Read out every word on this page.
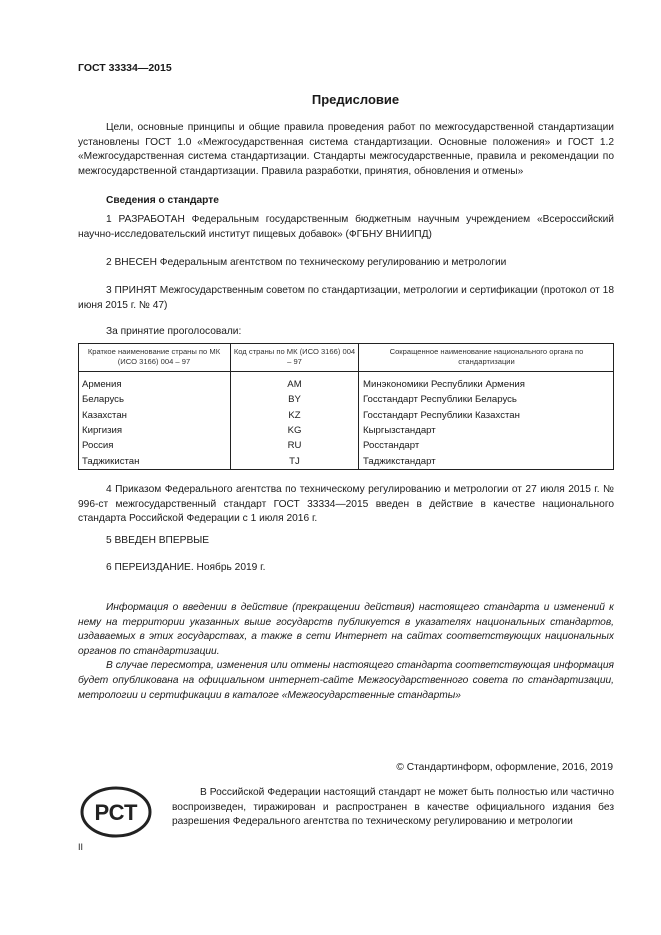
ГОСТ 33334—2015
Предисловие

Цели, основные принципы и общие правила проведения работ по межгосударственной стандартизации установлены ГОСТ 1.0 «Межгосударственная система стандартизации. Основные положения» и ГОСТ 1.2 «Межгосударственная система стандартизации. Стандарты межгосударственные, правила и рекомендации по межгосударственной стандартизации. Правила разработки, принятия, обновления и отмены»

Сведения о стандарте

1 РАЗРАБОТАН Федеральным государственным бюджетным научным учреждением «Всероссийский научно-исследовательский институт пищевых добавок» (ФГБНУ ВНИИПД)

2 ВНЕСЕН Федеральным агентством по техническому регулированию и метрологии

3 ПРИНЯТ Межгосударственным советом по стандартизации, метрологии и сертификации (протокол от 18 июня 2015 г. № 47)

За принятие проголосовали:

Краткое наименование страны по МК (ИСО 3166) 004 – 97	Код страны по МК (ИСО 3166) 004 – 97	Сокращенное наименование национального органа по стандартизации
Армения	AM	Минэкономики Республики Армения
Беларусь	BY	Госстандарт Республики Беларусь
Казахстан	KZ	Госстандарт Республики Казахстан
Киргизия	KG	Кыргызстандарт
Россия	RU	Росстандарт
Таджикистан	TJ	Таджикстандарт

4 Приказом Федерального агентства по техническому регулированию и метрологии от 27 июля 2015 г. № 996-ст межгосударственный стандарт ГОСТ 33334—2015 введен в действие в качестве национального стандарта Российской Федерации с 1 июля 2016 г.

5 ВВЕДЕН ВПЕРВЫЕ

6 ПЕРЕИЗДАНИЕ. Ноябрь 2019 г.

Информация о введении в действие (прекращении действия) настоящего стандарта и изменений к нему на территории указанных выше государств публикуется в указателях национальных стандартов, издаваемых в этих государствах, а также в сети Интернет на сайтах соответствующих национальных органов по стандартизации.

В случае пересмотра, изменения или отмены настоящего стандарта соответствующая информация будет опубликована на официальном интернет-сайте Межгосударственного совета по стандартизации, метрологии и сертификации в каталоге «Межгосударственные стандарты»

© Стандартинформ, оформление, 2016, 2019
РСТ

В Российской Федерации настоящий стандарт не может быть полностью или частично воспроизведен, тиражирован и распространен в качестве официального издания без разрешения Федерального агентства по техническому регулированию и метрологии

II
